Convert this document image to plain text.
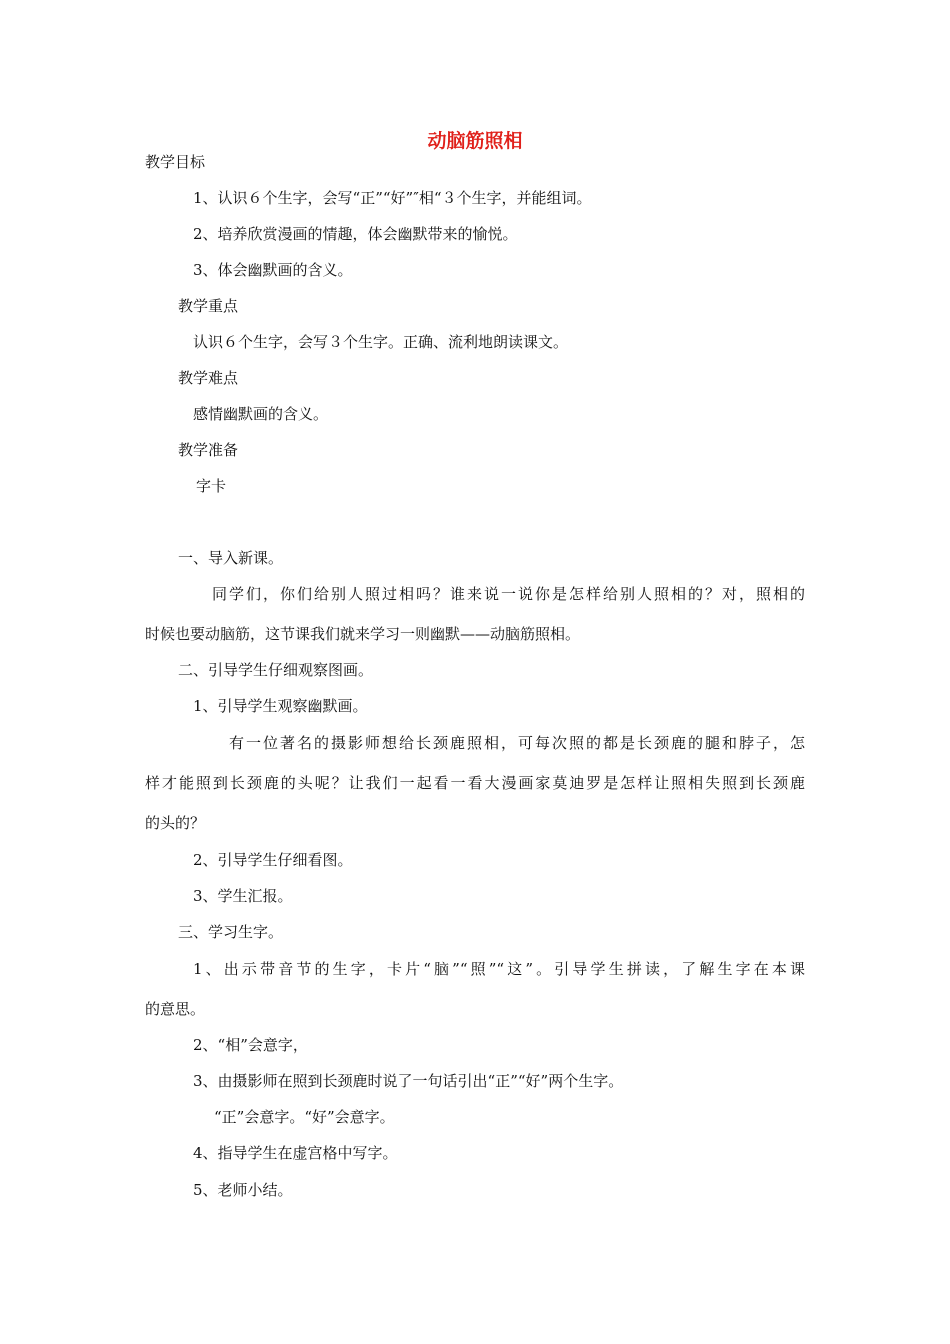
动脑筋照相
教学目标
1、认识６个生字，会写“正”“好”″相“３个生字，并能组词。
2、培养欣赏漫画的情趣，体会幽默带来的愉悦。
3、体会幽默画的含义。
教学重点
认识６个生字，会写３个生字。正确、流利地朗读课文。
教学难点
感情幽默画的含义。
教学准备
字卡
一、导入新课。
同学们，你们给别人照过相吗？谁来说一说你是怎样给别人照相的？对，照相的
时候也要动脑筋，这节课我们就来学习一则幽默——动脑筋照相。
二、引导学生仔细观察图画。
1、引导学生观察幽默画。
有一位著名的摄影师想给长颈鹿照相，可每次照的都是长颈鹿的腿和脖子，怎
样才能照到长颈鹿的头呢？让我们一起看一看大漫画家莫迪罗是怎样让照相失照到长颈鹿
的头的？
2、引导学生仔细看图。
3、学生汇报。
三、学习生字。
1、出示带音节的生字，卡片“脑”“照”“这”。引导学生拼读，了解生字在本课
的意思。
2、“相”会意字，
3、由摄影师在照到长颈鹿时说了一句话引出“正”“好”两个生字。
“正”会意字。“好”会意字。
4、指导学生在虚宫格中写字。
5、老师小结。
